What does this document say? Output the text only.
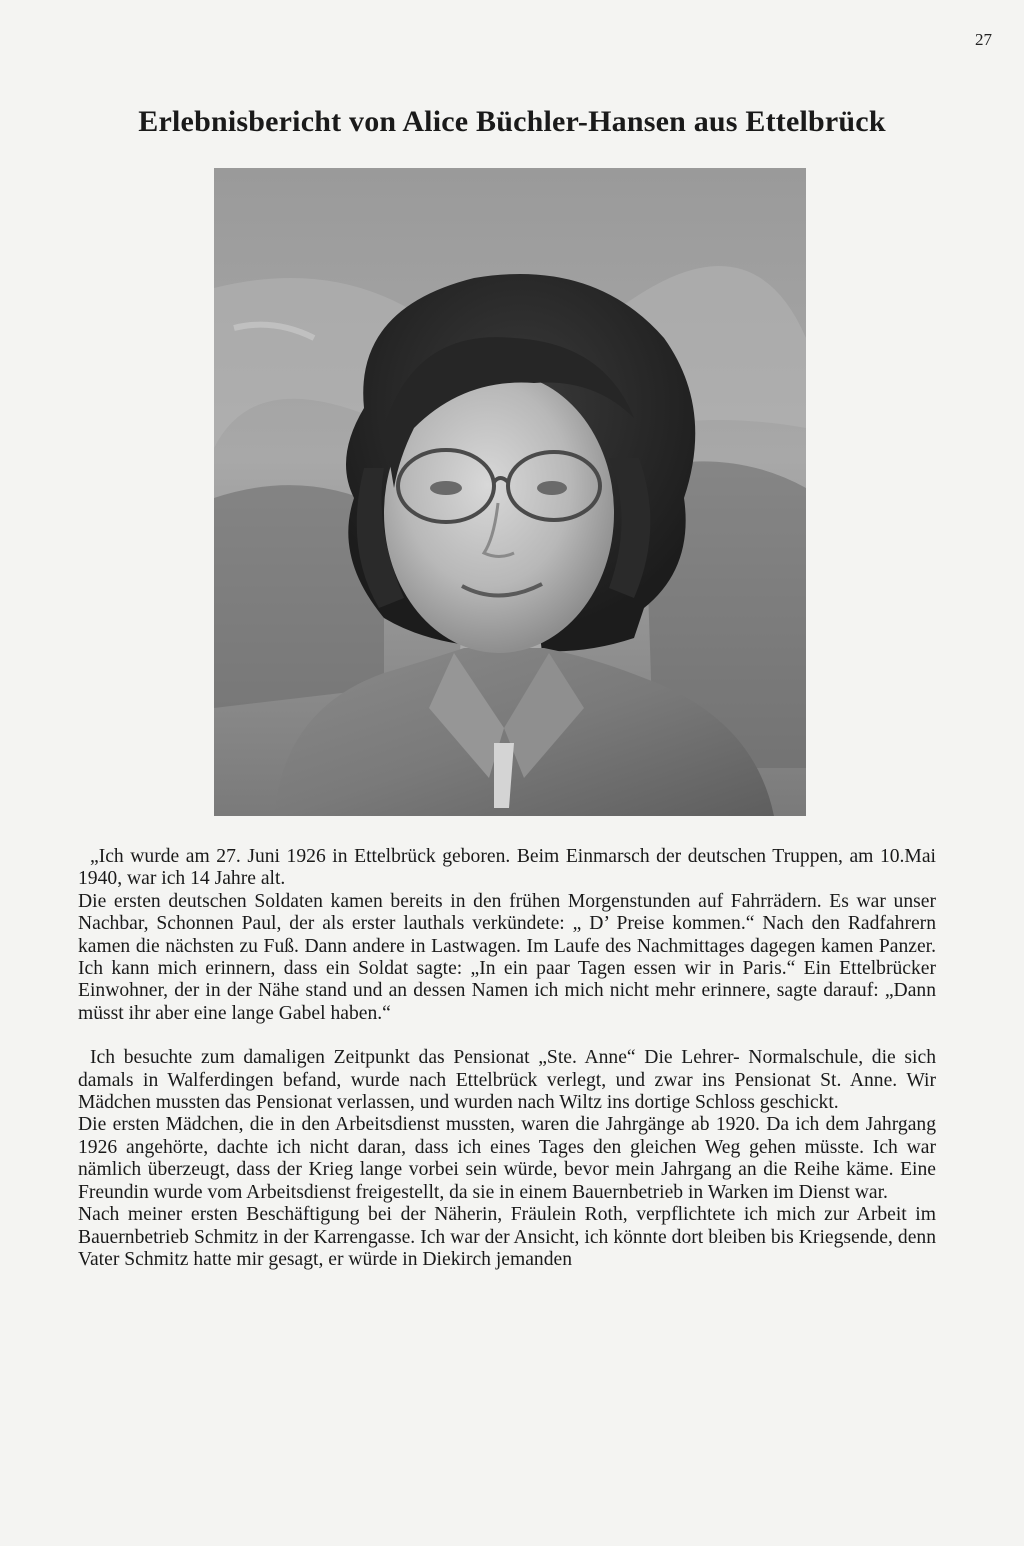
27
Erlebnisbericht von Alice Büchler-Hansen aus Ettelbrück

„Ich wurde am 27. Juni 1926 in Ettelbrück geboren. Beim Einmarsch der deutschen Truppen, am 10.Mai 1940, war ich 14 Jahre alt.

Die ersten deutschen Soldaten kamen bereits in den frühen Morgenstunden auf Fahrrädern. Es war unser Nachbar, Schonnen Paul, der als erster lauthals verkündete: „ D’ Preise kommen.“ Nach den Radfahrern kamen die nächsten zu Fuß. Dann andere in Lastwagen. Im Laufe des Nachmittages dagegen kamen Panzer. Ich kann mich erinnern, dass ein Soldat sagte: „In ein paar Tagen essen wir in Paris.“ Ein Ettelbrücker Einwohner, der in der Nähe stand und an dessen Namen ich mich nicht mehr erinnere, sagte darauf: „Dann müsst ihr aber eine lange Gabel haben.“

Ich besuchte zum damaligen Zeitpunkt das Pensionat „Ste. Anne“ Die Lehrer- Normalschule, die sich damals in Walferdingen befand, wurde nach Ettelbrück verlegt, und zwar ins Pensionat St. Anne. Wir Mädchen mussten das Pensionat verlassen, und wurden nach Wiltz ins dortige Schloss geschickt.

Die ersten Mädchen, die in den Arbeitsdienst mussten, waren die Jahrgänge ab 1920. Da ich dem Jahrgang 1926 angehörte, dachte ich nicht daran, dass ich eines Tages den gleichen Weg gehen müsste. Ich war nämlich überzeugt, dass der Krieg lange vorbei sein würde, bevor mein Jahrgang an die Reihe käme. Eine Freundin wurde vom Arbeitsdienst freigestellt, da sie in einem Bauernbetrieb in Warken im Dienst war.

Nach meiner ersten Beschäftigung bei der Näherin, Fräulein Roth, verpflichtete ich mich zur Arbeit im Bauernbetrieb Schmitz in der Karrengasse. Ich war der Ansicht, ich könnte dort bleiben bis Kriegsende, denn Vater Schmitz hatte mir gesagt, er würde in Diekirch jemanden
